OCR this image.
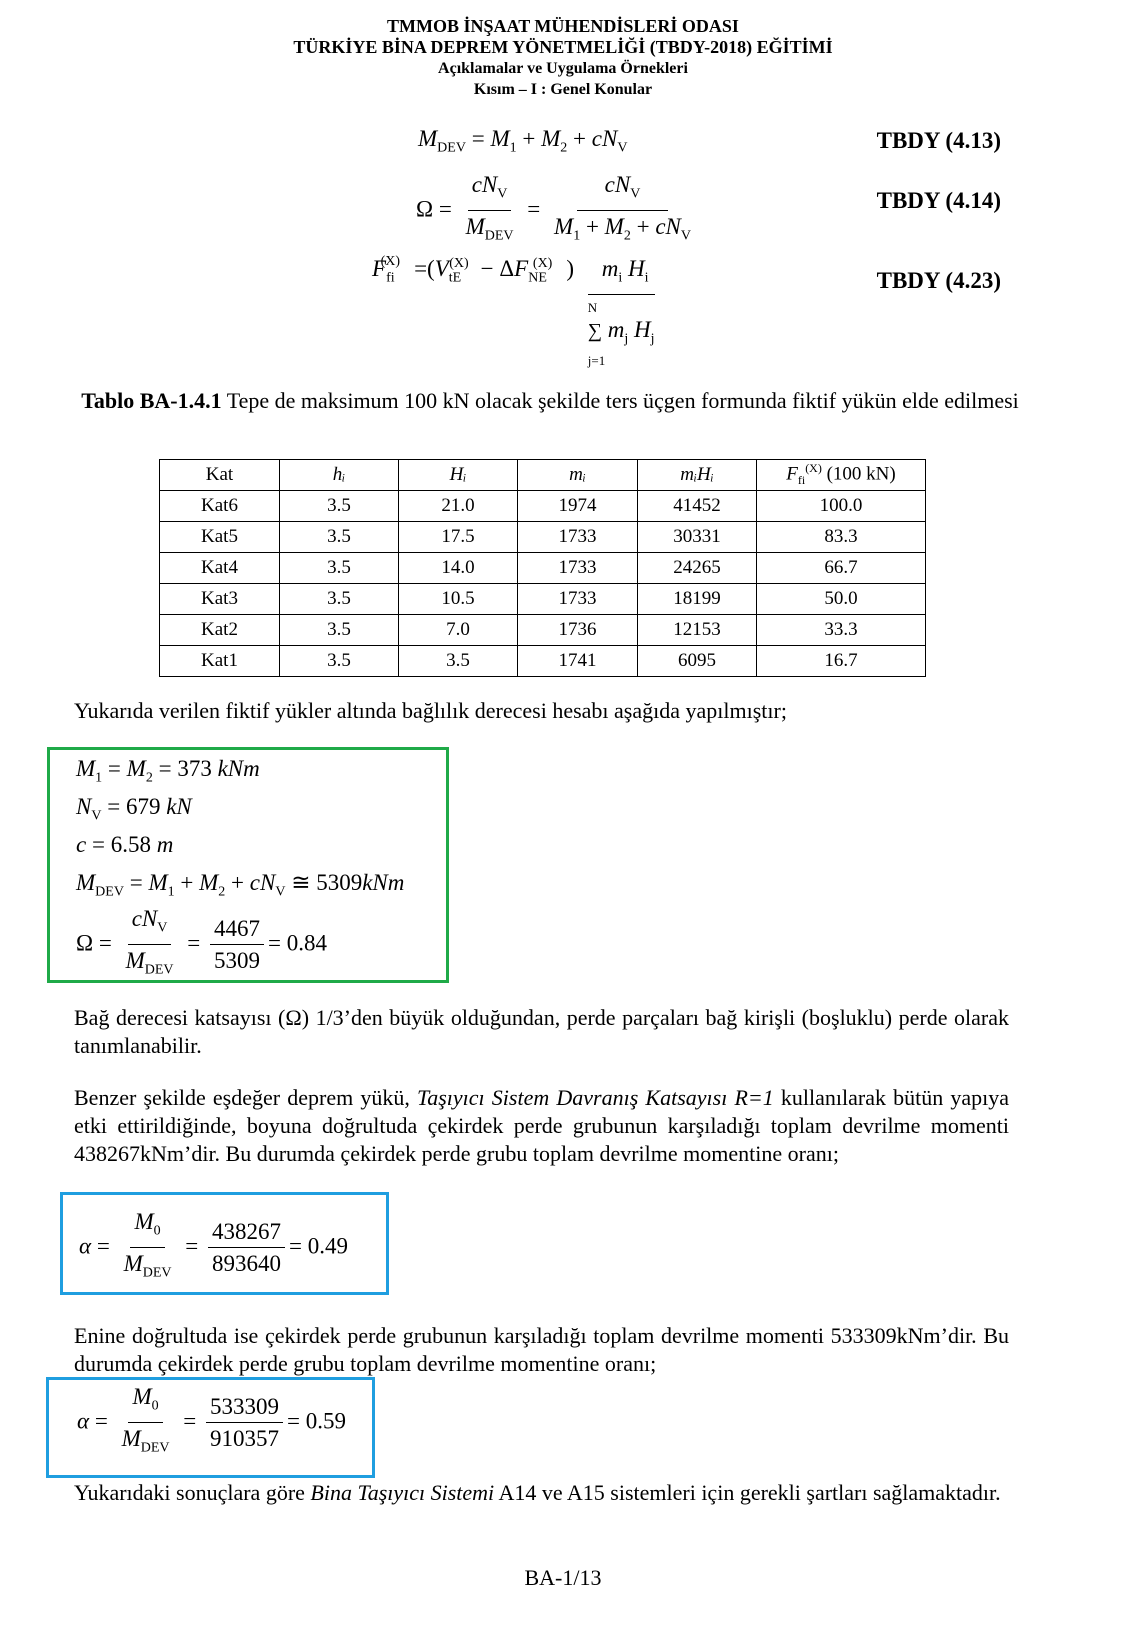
TMMOB İNŞAAT MÜHENDİSLERİ ODASI
TÜRKİYE BİNA DEPREM YÖNETMELİĞİ (TBDY-2018) EĞİTİMİ
Açıklamalar ve Uygulama Örnekleri
Kısım – I : Genel Konular
$M_{DEV} = M_1 + M_2 + cN_V$	TBDY (4.13)
$\Omega = \frac{cN_V}{M_{DEV}} = \frac{cN_V}{M_1 + M_2 + cN_V}$	TBDY (4.14)
$F_{fi}^{(X)} =(V_{tE}^{(X)} - \Delta F_{NE}^{(X)}$ ) $m_i$ $H_i$
N
∑ $m_j$ $H_j$
j=1	TBDY (4.23)
Tablo BA-1.4.1 Tepe de maksimum 100 kN olacak şekilde ters üçgen formunda fiktif yükün elde edilmesi
Kat	hᵢ	Hᵢ	mᵢ	mᵢHᵢ	$F_{fi}^{(X)}$ (100 kN)
Kat6	3.5	21.0	1974	41452	100.0
Kat5	3.5	17.5	1733	30331	83.3
Kat4	3.5	14.0	1733	24265	66.7
Kat3	3.5	10.5	1733	18199	50.0
Kat2	3.5	7.0	1736	12153	33.3
Kat1	3.5	3.5	1741	6095	16.7
Yukarıda verilen fiktif yükler altında bağlılık derecesi hesabı aşağıda yapılmıştır;
$M_1 = M_2 = 373$ kNm
$N_V = 679$ kN
c = 6.58 m
$M_{DEV} = M_1 + M_2 + cN_V$ ≅ 5309kNm
$\Omega = \frac{cN_V}{M_{DEV}} = \frac{4467}{5309} = 0.84$
Bağ derecesi katsayısı (Ω) 1/3’den büyük olduğundan, perde parçaları bağ kirişli (boşluklu) perde olarak tanımlanabilir.
Benzer şekilde eşdeğer deprem yükü, Taşıyıcı Sistem Davranış Katsayısı R=1 kullanılarak bütün yapıya etki ettirildiğinde, boyuna doğrultuda çekirdek perde grubunun karşıladığı toplam devrilme momenti 438267kNm’dir. Bu durumda çekirdek perde grubu toplam devrilme momentine oranı;
$\alpha = \frac{M_0}{M_{DEV}} = \frac{438267}{893640} = 0.49$
Enine doğrultuda ise çekirdek perde grubunun karşıladığı toplam devrilme momenti 533309kNm’dir. Bu durumda çekirdek perde grubu toplam devrilme momentine oranı;
$\alpha = \frac{M_0}{M_{DEV}} = \frac{533309}{910357} = 0.59$
Yukarıdaki sonuçlara göre Bina Taşıyıcı Sistemi A14 ve A15 sistemleri için gerekli şartları sağlamaktadır.
BA-1/13
